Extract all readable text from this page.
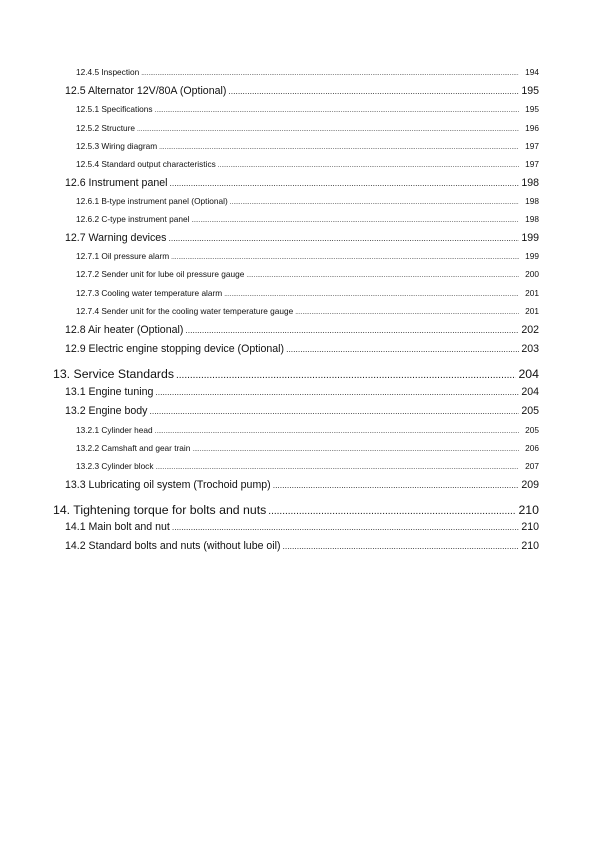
12.4.5 Inspection .....	194
12.5 Alternator 12V/80A (Optional) .....	195
12.5.1 Specifications .....	195
12.5.2 Structure .....	196
12.5.3 Wiring diagram .....	197
12.5.4 Standard output characteristics .....	197
12.6 Instrument panel .....	198
12.6.1 B-type instrument panel (Optional) .....	198
12.6.2 C-type instrument panel .....	198
12.7 Warning devices .....	199
12.7.1 Oil pressure alarm .....	199
12.7.2 Sender unit for lube oil pressure gauge .....	200
12.7.3 Cooling water temperature alarm .....	201
12.7.4 Sender unit for the cooling water temperature gauge .....	201
12.8 Air heater (Optional) .....	202
12.9 Electric engine stopping device (Optional) .....	203
13. Service Standards .....	204
13.1 Engine tuning .....	204
13.2 Engine body .....	205
13.2.1 Cylinder head .....	205
13.2.2 Camshaft and gear train .....	206
13.2.3 Cylinder block .....	207
13.3 Lubricating oil system (Trochoid pump) .....	209
14. Tightening torque for bolts and nuts .....	210
14.1 Main bolt and nut .....	210
14.2 Standard bolts and nuts (without lube oil) .....	210
